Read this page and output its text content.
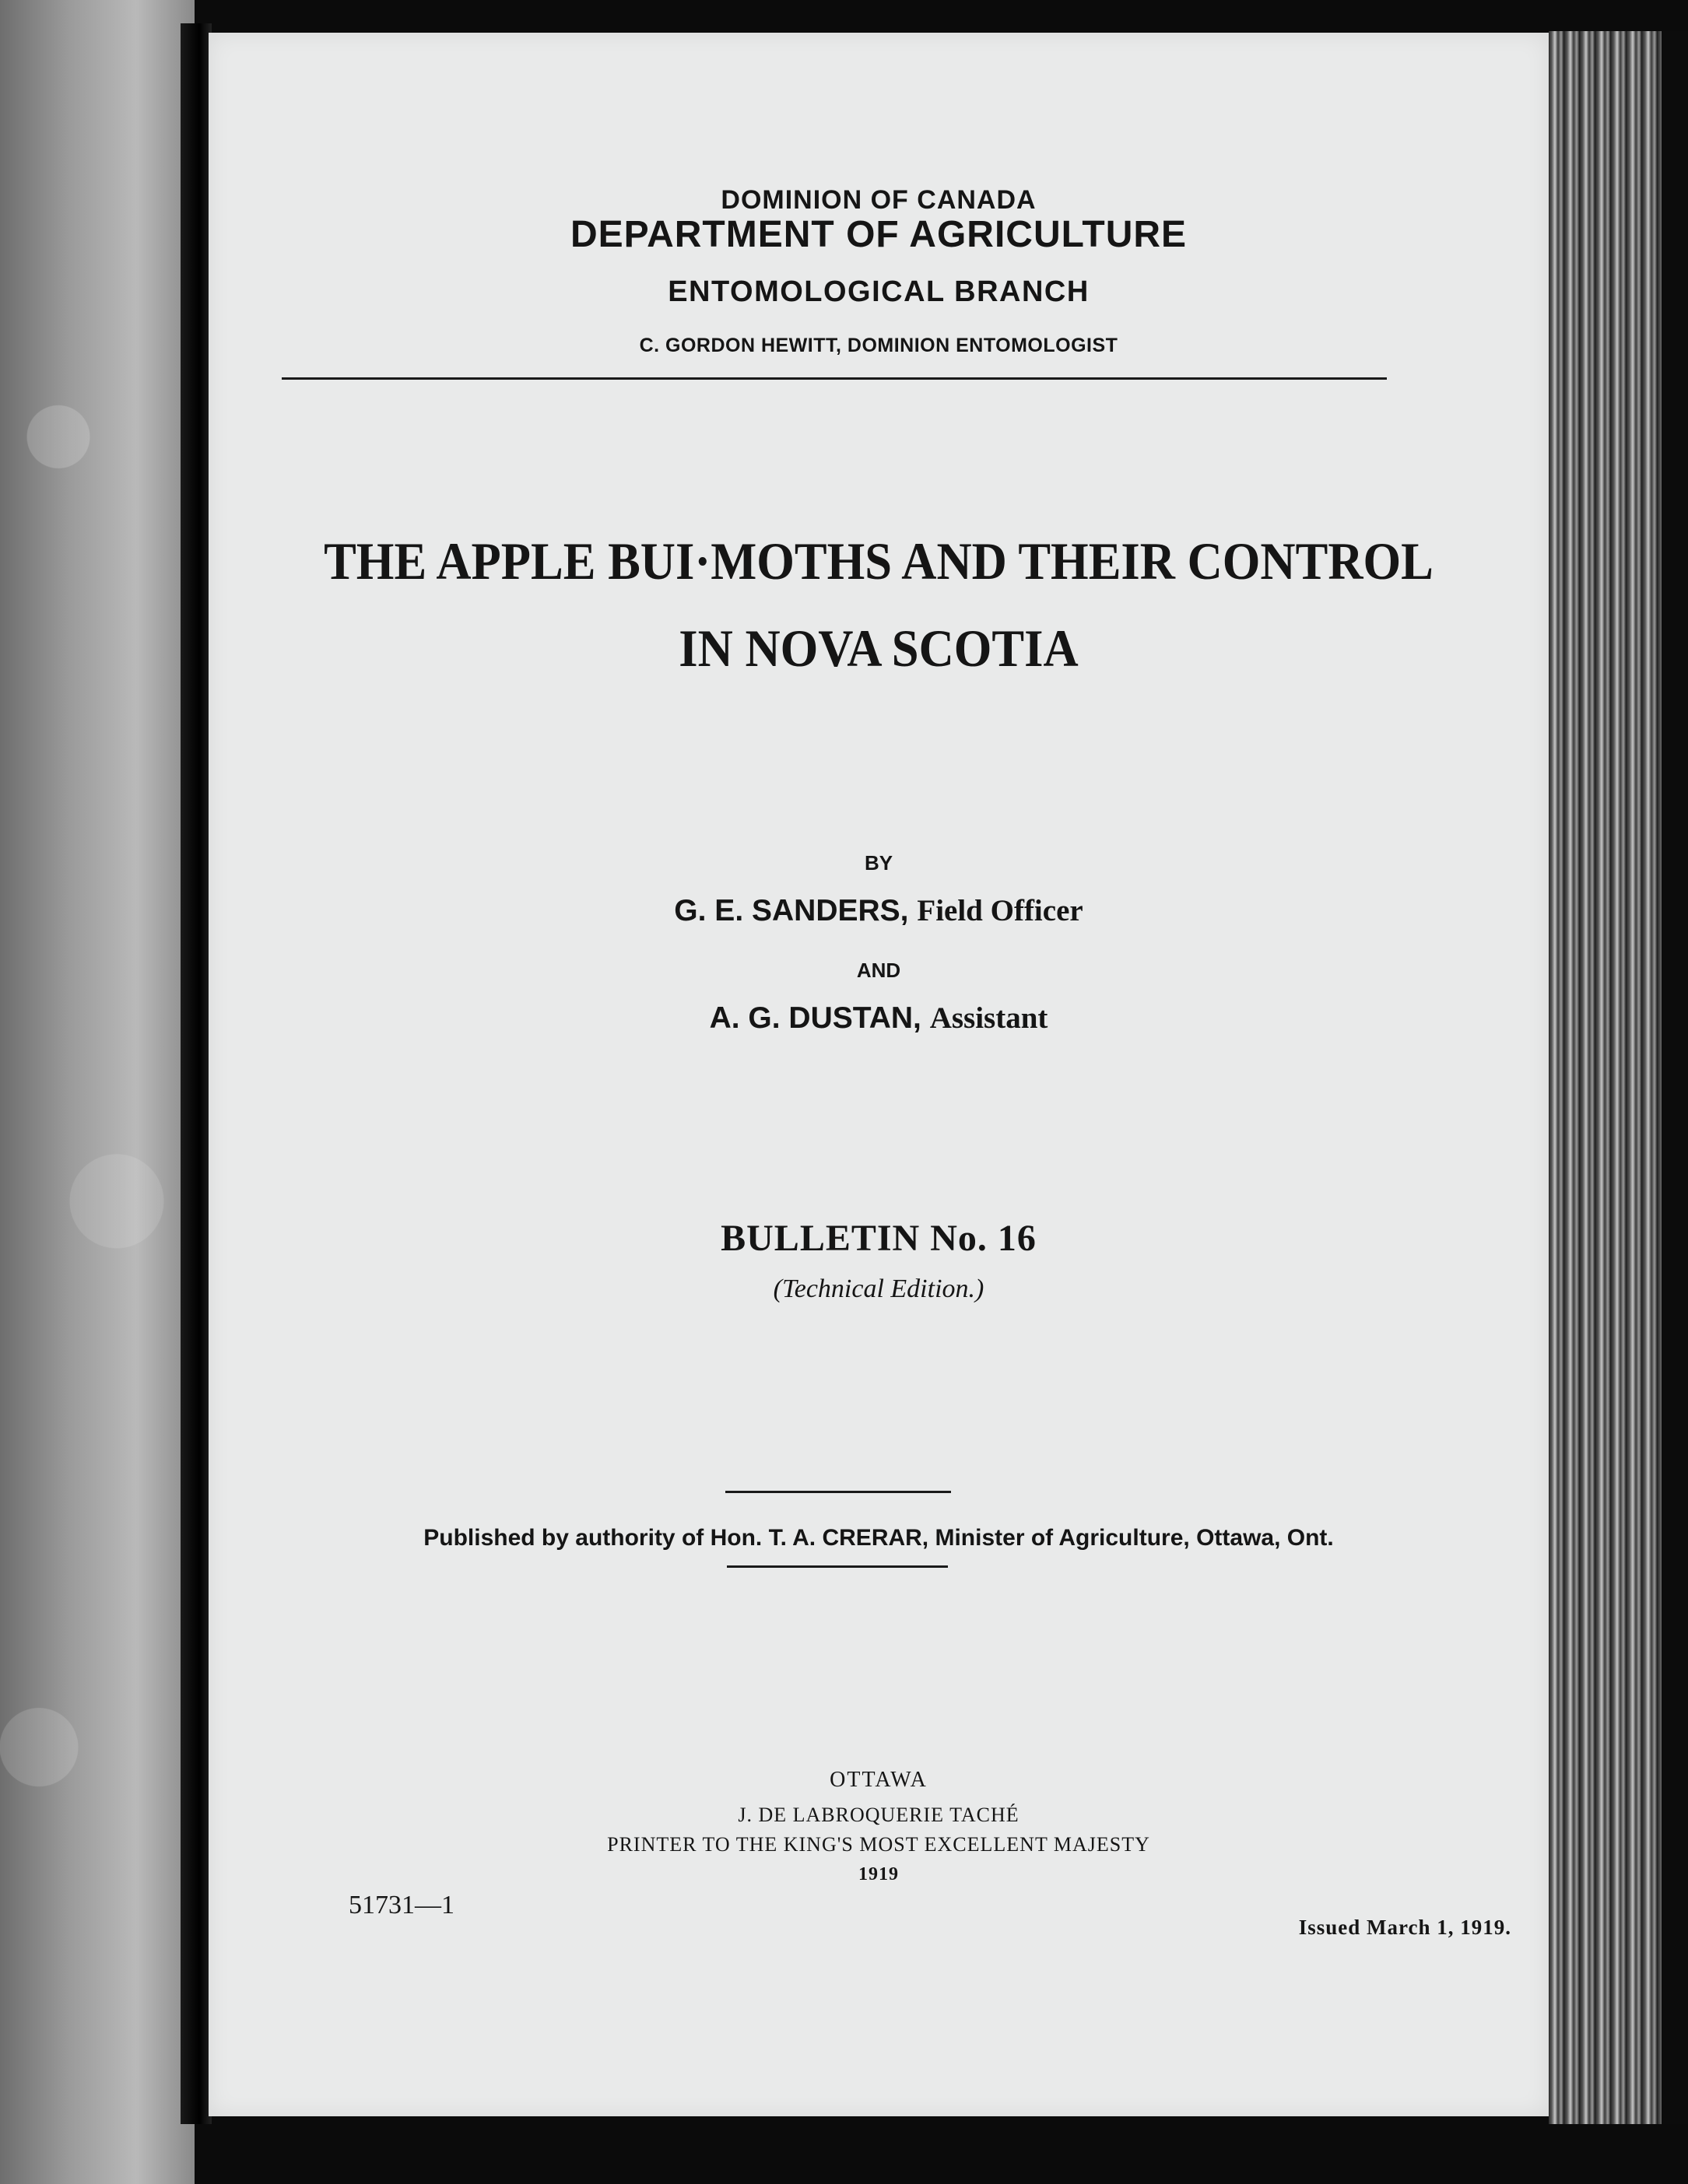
DOMINION OF CANADA
DEPARTMENT OF AGRICULTURE
ENTOMOLOGICAL BRANCH
C. GORDON HEWITT, DOMINION ENTOMOLOGIST
THE APPLE BUI·MOTHS AND THEIR CONTROL
IN NOVA SCOTIA
BY
G. E. SANDERS, Field Officer
AND
A. G. DUSTAN, Assistant
BULLETIN No. 16
(Technical Edition.)
Published by authority of Hon. T. A. CRERAR, Minister of Agriculture, Ottawa, Ont.
OTTAWA
J. DE LABROQUERIE TACHÉ
PRINTER TO THE KING'S MOST EXCELLENT MAJESTY
1919
51731—1
Issued March 1, 1919.
